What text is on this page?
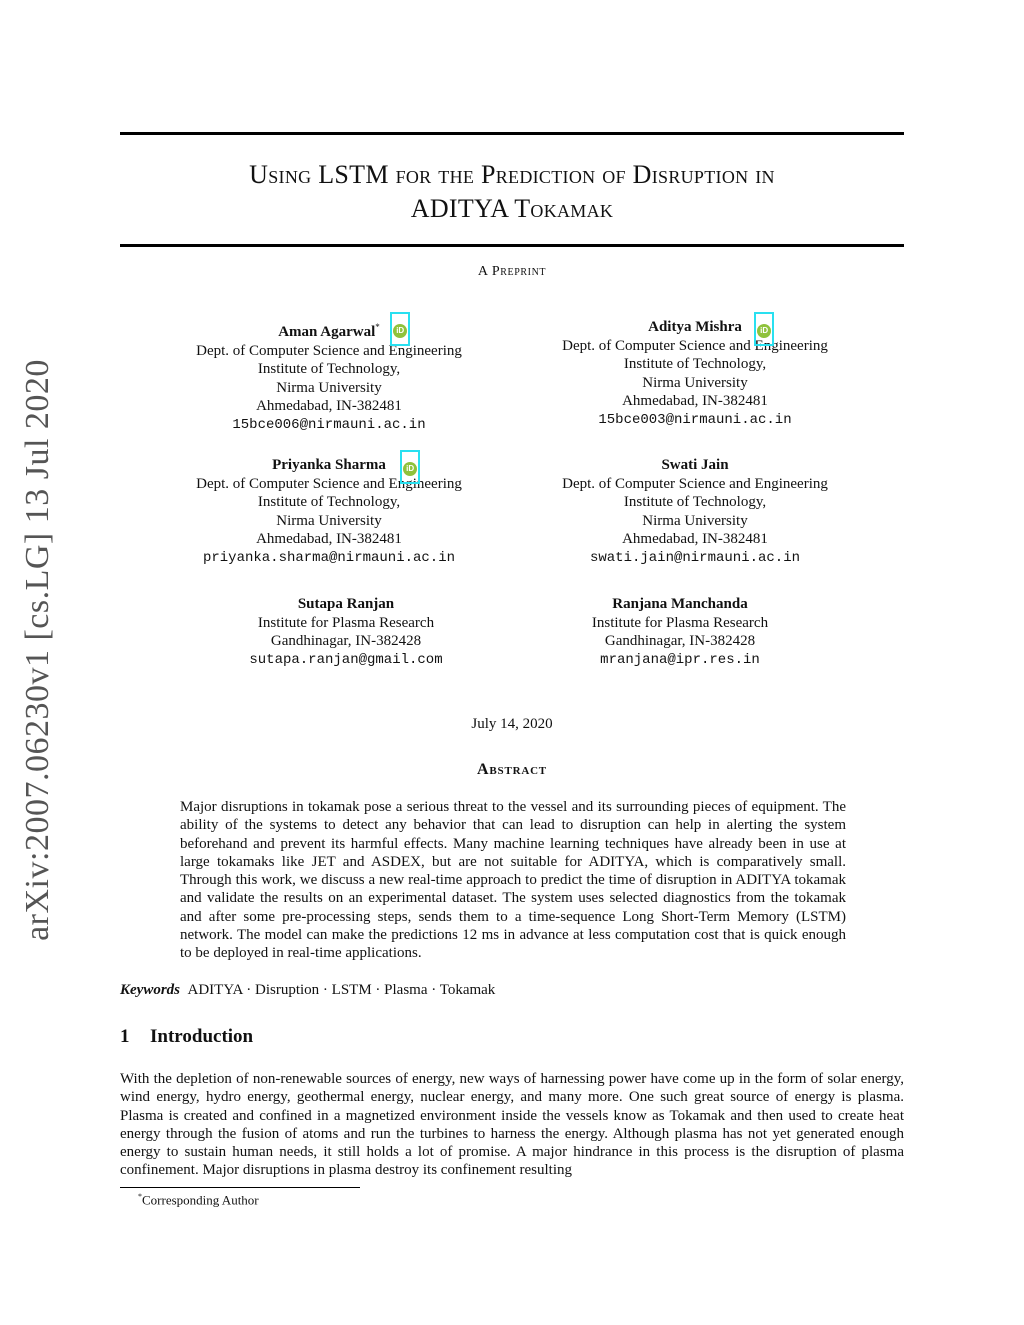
arXiv:2007.06230v1 [cs.LG] 13 Jul 2020
Using LSTM for the Prediction of Disruption in
ADITYA Tokamak
A Preprint
Aman Agarwal*	iD
Dept. of Computer Science and Engineering
Institute of Technology,
Nirma University
Ahmedabad, IN-382481
15bce006@nirmauni.ac.in
Aditya Mishra	iD
Dept. of Computer Science and Engineering
Institute of Technology,
Nirma University
Ahmedabad, IN-382481
15bce003@nirmauni.ac.in
Priyanka Sharma	iD
Dept. of Computer Science and Engineering
Institute of Technology,
Nirma University
Ahmedabad, IN-382481
priyanka.sharma@nirmauni.ac.in
Swati Jain
Dept. of Computer Science and Engineering
Institute of Technology,
Nirma University
Ahmedabad, IN-382481
swati.jain@nirmauni.ac.in
Sutapa Ranjan
Institute for Plasma Research
Gandhinagar, IN-382428
sutapa.ranjan@gmail.com
Ranjana Manchanda
Institute for Plasma Research
Gandhinagar, IN-382428
mranjana@ipr.res.in
July 14, 2020
Abstract
Major disruptions in tokamak pose a serious threat to the vessel and its surrounding pieces of equipment. The ability of the systems to detect any behavior that can lead to disruption can help in alerting the system beforehand and prevent its harmful effects. Many machine learning techniques have already been in use at large tokamaks like JET and ASDEX, but are not suitable for ADITYA, which is comparatively small. Through this work, we discuss a new real-time approach to predict the time of disruption in ADITYA tokamak and validate the results on an experimental dataset. The system uses selected diagnostics from the tokamak and after some pre-processing steps, sends them to a time-sequence Long Short-Term Memory (LSTM) network. The model can make the predictions 12 ms in advance at less computation cost that is quick enough to be deployed in real-time applications.
Keywords ADITYA · Disruption · LSTM · Plasma · Tokamak
1 Introduction
With the depletion of non-renewable sources of energy, new ways of harnessing power have come up in the form of solar energy, wind energy, hydro energy, geothermal energy, nuclear energy, and many more. One such great source of energy is plasma. Plasma is created and confined in a magnetized environment inside the vessels know as Tokamak and then used to create heat energy through the fusion of atoms and run the turbines to harness the energy. Although plasma has not yet generated enough energy to sustain human needs, it still holds a lot of promise. A major hindrance in this process is the disruption of plasma confinement. Major disruptions in plasma destroy its confinement resulting
*Corresponding Author
